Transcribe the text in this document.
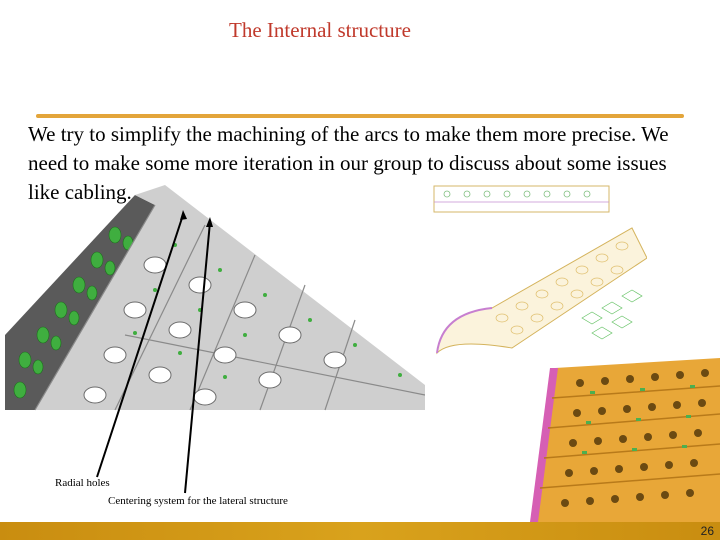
The Internal structure
We try to simplify the machining of the arcs to make them more precise. We need to make some more iteration in our group to discuss about some issues like cabling.
Radial holes
Centering system for the lateral structure
26
